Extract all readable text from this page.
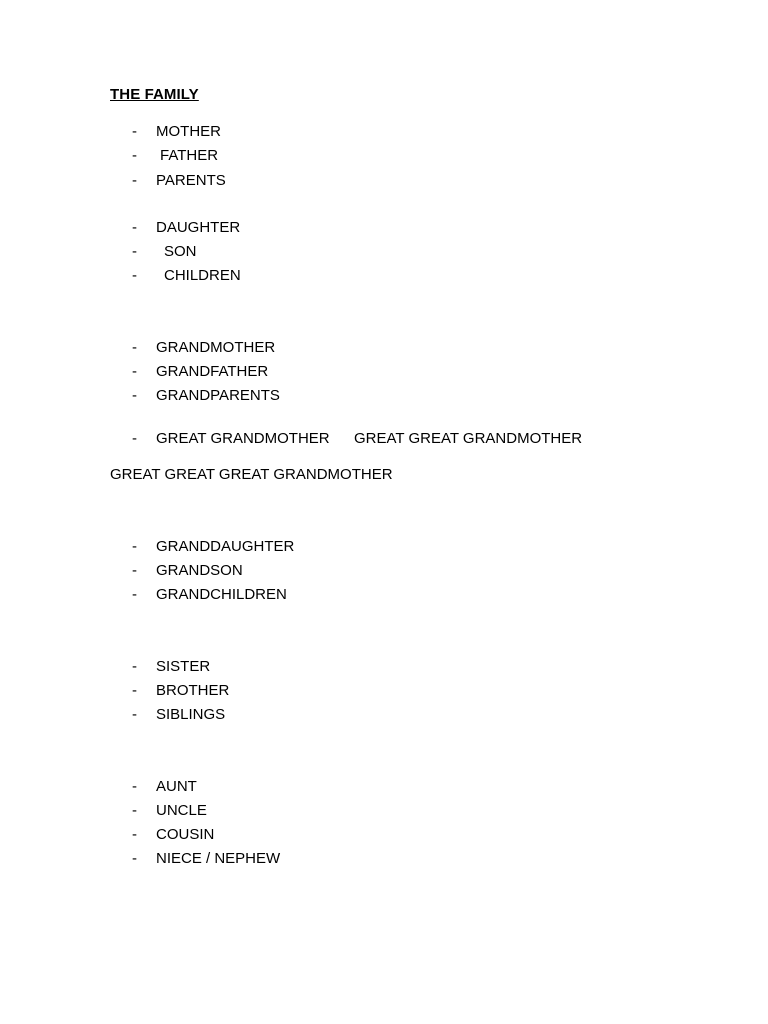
THE FAMILY
-	MOTHER
-	FATHER
-	PARENTS
-	DAUGHTER
-	SON
-	CHILDREN
-	GRANDMOTHER
-	GRANDFATHER
-	GRANDPARENTS
-	GREAT GRANDMOTHER GREAT GREAT GRANDMOTHER
GREAT GREAT GREAT GRANDMOTHER
-	GRANDDAUGHTER
-	GRANDSON
-	GRANDCHILDREN
-	SISTER
-	BROTHER
-	SIBLINGS
-	AUNT
-	UNCLE
-	COUSIN
-	NIECE / NEPHEW
